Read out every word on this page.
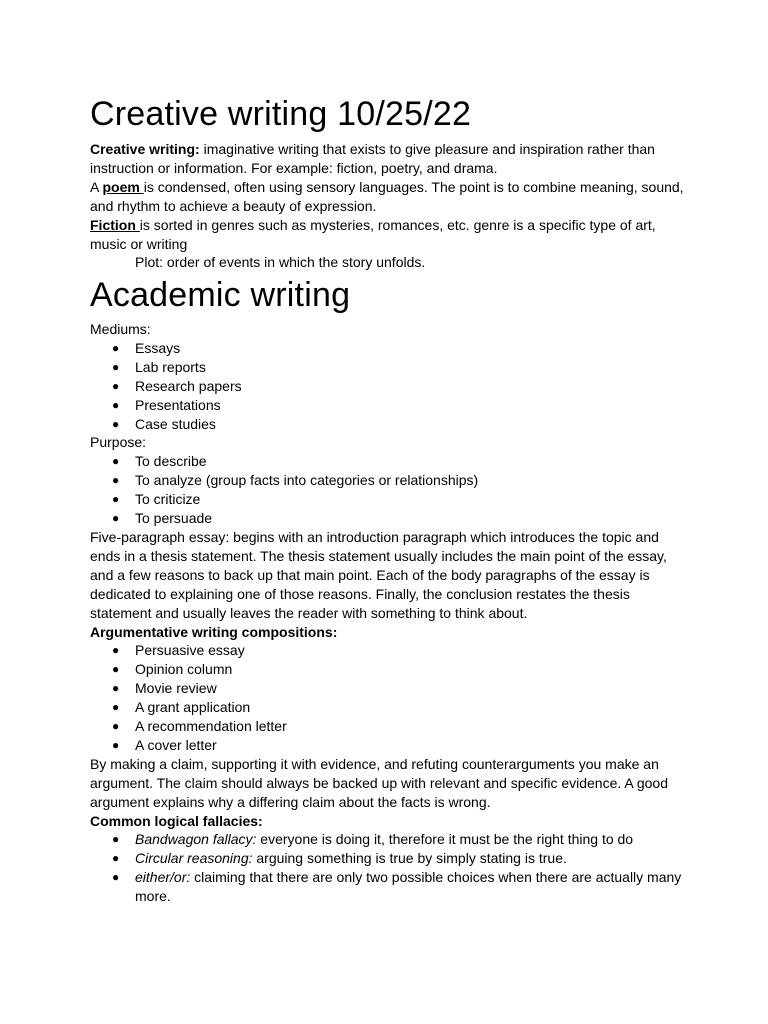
Creative writing 10/25/22

Creative writing: imaginative writing that exists to give pleasure and inspiration rather than instruction or information. For example: fiction, poetry, and drama.

A poem is condensed, often using sensory languages. The point is to combine meaning, sound, and rhythm to achieve a beauty of expression.

Fiction is sorted in genres such as mysteries, romances, etc. genre is a specific type of art, music or writing

Plot: order of events in which the story unfolds.

Academic writing

Mediums:

● Essays
● Lab reports
● Research papers
● Presentations
● Case studies

Purpose:

● To describe
● To analyze (group facts into categories or relationships)
● To criticize
● To persuade

Five-paragraph essay: begins with an introduction paragraph which introduces the topic and ends in a thesis statement. The thesis statement usually includes the main point of the essay, and a few reasons to back up that main point. Each of the body paragraphs of the essay is dedicated to explaining one of those reasons. Finally, the conclusion restates the thesis statement and usually leaves the reader with something to think about.

Argumentative writing compositions:

● Persuasive essay
● Opinion column
● Movie review
● A grant application
● A recommendation letter
● A cover letter

By making a claim, supporting it with evidence, and refuting counterarguments you make an argument. The claim should always be backed up with relevant and specific evidence. A good argument explains why a differing claim about the facts is wrong.

Common logical fallacies:

● Bandwagon fallacy: everyone is doing it, therefore it must be the right thing to do
● Circular reasoning: arguing something is true by simply stating is true.
● either/or: claiming that there are only two possible choices when there are actually many more.
